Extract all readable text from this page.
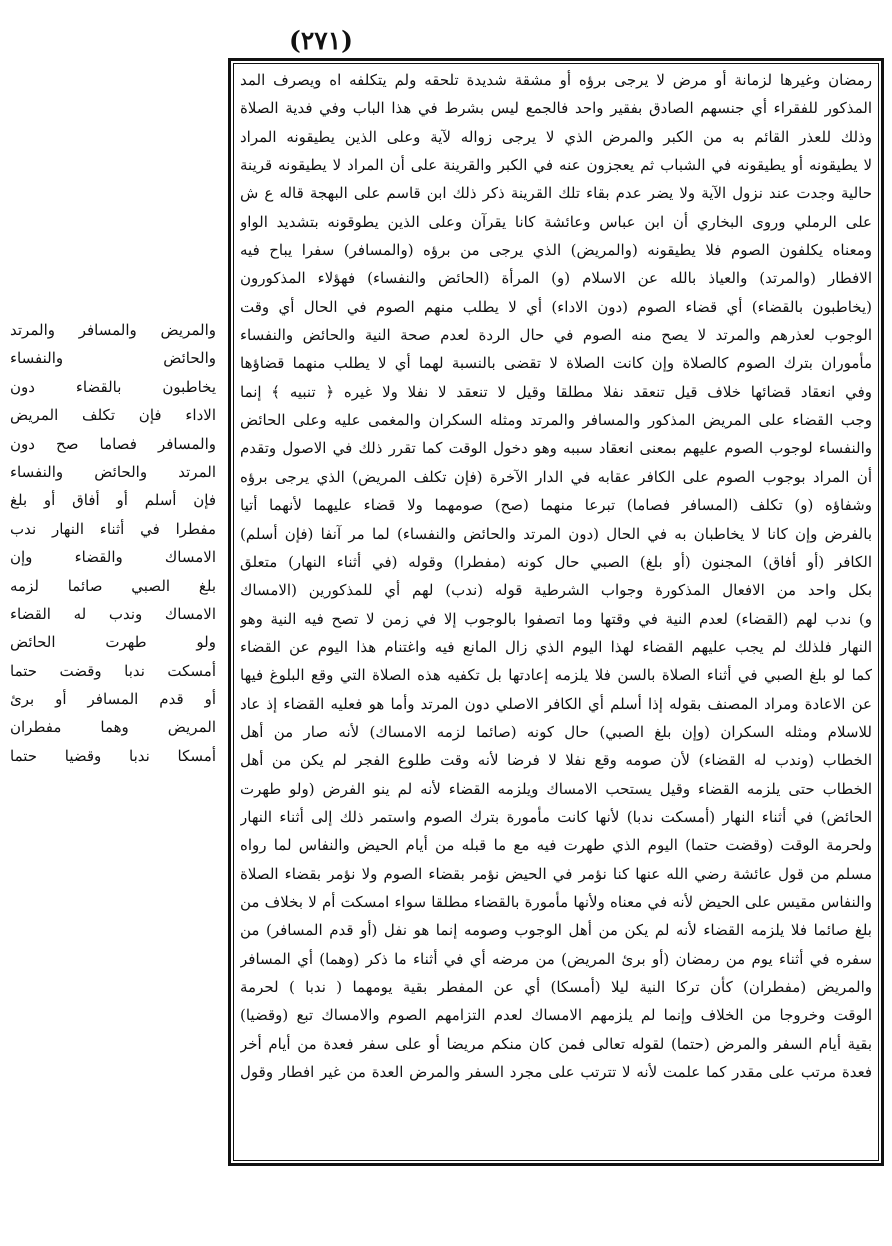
(٢٧١)
رمضان وغيرها لزمانة أو مرض لا يرجى برؤه أو مشقة شديدة تلحقه ولم يتكلفه اه ويصرف المد
المذكور للفقراء أي جنسهم الصادق بفقير واحد فالجمع ليس بشرط في هذا الباب وفي فدية الصلاة
وذلك للعذر القائم به من الكبر والمرض الذي لا يرجى زواله لآية وعلى الذين يطيقونه المراد
لا يطيقونه أو يطيقونه في الشباب ثم يعجزون عنه في الكبر والقرينة على أن المراد لا يطيقونه قرينة
حالية وجدت عند نزول الآية ولا يضر عدم بقاء تلك القرينة ذكر ذلك ابن قاسم على البهجة قاله ع ش
على الرملي وروى البخاري أن ابن عباس وعائشة كانا يقرآن وعلى الذين يطوقونه بتشديد الواو
ومعناه يكلفون الصوم فلا يطيقونه (والمريض) الذي يرجى من برؤه (والمسافر) سفرا يباح فيه
الافطار (والمرتد) والعياذ بالله عن الاسلام (و) المرأة (الحائض والنفساء) فهؤلاء المذكورون
(يخاطبون بالقضاء) أي قضاء الصوم (دون الاداء) أي لا يطلب منهم الصوم في الحال أي وقت
الوجوب لعذرهم والمرتد لا يصح منه الصوم في حال الردة لعدم صحة النية والحائض والنفساء
مأموران بترك الصوم كالصلاة وإن كانت الصلاة لا تقضى بالنسبة لهما أي لا يطلب منهما قضاؤها
وفي انعقاد قضائها خلاف قيل تنعقد نفلا مطلقا وقيل لا تنعقد لا نفلا ولا غيره ﴿ تنبيه ﴾ إنما
وجب القضاء على المريض المذكور والمسافر والمرتد ومثله السكران والمغمى عليه وعلى الحائض
والنفساء لوجوب الصوم عليهم بمعنى انعقاد سببه وهو دخول الوقت كما تقرر ذلك في الاصول وتقدم
أن المراد بوجوب الصوم على الكافر عقابه في الدار الآخرة (فإن تكلف المريض) الذي يرجى برؤه
وشفاؤه (و) تكلف (المسافر فصاما) تبرعا منهما (صح) صومهما ولا قضاء عليهما لأنهما أتيا
بالفرض وإن كانا لا يخاطبان به في الحال (دون المرتد والحائض والنفساء) لما مر آنفا (فإن أسلم)
الكافر (أو أفاق) المجنون (أو بلغ) الصبي حال كونه (مفطرا) وقوله (في أثناء النهار) متعلق
بكل واحد من الافعال المذكورة وجواب الشرطية قوله (ندب) لهم أي للمذكورين (الامساك
و) ندب لهم (القضاء) لعدم النية في وقتها وما اتصفوا بالوجوب إلا في زمن لا تصح فيه النية وهو
النهار فلذلك لم يجب عليهم القضاء لهذا اليوم الذي زال المانع فيه واغتنام هذا اليوم عن القضاء
كما لو بلغ الصبي في أثناء الصلاة بالسن فلا يلزمه إعادتها بل تكفيه هذه الصلاة التي وقع البلوغ فيها
عن الاعادة ومراد المصنف بقوله إذا أسلم أي الكافر الاصلي دون المرتد وأما هو فعليه القضاء إذ عاد
للاسلام ومثله السكران (وإن بلغ الصبي) حال كونه (صائما لزمه الامساك) لأنه صار من أهل
الخطاب (وندب له القضاء) لأن صومه وقع نفلا لا فرضا لأنه وقت طلوع الفجر لم يكن من أهل
الخطاب حتى يلزمه القضاء وقيل يستحب الامساك ويلزمه القضاء لأنه لم ينو الفرض (ولو طهرت
الحائض) في أثناء النهار (أمسكت ندبا) لأنها كانت مأمورة بترك الصوم واستمر ذلك إلى أثناء النهار
ولحرمة الوقت (وقضت حتما) اليوم الذي طهرت فيه مع ما قبله من أيام الحيض والنفاس لما رواه
مسلم من قول عائشة رضي الله عنها كنا نؤمر في الحيض نؤمر بقضاء الصوم ولا نؤمر بقضاء الصلاة
والنفاس مقيس على الحيض لأنه في معناه ولأنها مأمورة بالقضاء مطلقا سواء امسكت أم لا بخلاف من
بلغ صائما فلا يلزمه القضاء لأنه لم يكن من أهل الوجوب وصومه إنما هو نفل (أو قدم المسافر) من
سفره في أثناء يوم من رمضان (أو برئ المريض) من مرضه أي في أثناء ما ذكر (وهما) أي المسافر
والمريض (مفطران) كأن تركا النية ليلا (أمسكا) أي عن المفطر بقية يومهما ( ندبا ) لحرمة
الوقت وخروجا من الخلاف وإنما لم يلزمهم الامساك لعدم التزامهم الصوم والامساك تبع (وقضيا)
بقية أيام السفر والمرض (حتما) لقوله تعالى فمن كان منكم مريضا أو على سفر فعدة من أيام أخر
فعدة مرتب على مقدر كما علمت لأنه لا تترتب على مجرد السفر والمرض العدة من غير افطار وقول
والمريض والمسافر والمرتد
والحائض والنفساء
يخاطبون بالقضاء دون
الاداء فإن تكلف المريض
والمسافر فصاما صح دون
المرتد والحائض والنفساء
فإن أسلم أو أفاق أو بلغ
مفطرا في أثناء النهار ندب
الامساك والقضاء وإن
بلغ الصبي صائما لزمه
الامساك وندب له القضاء
ولو طهرت الحائض
أمسكت ندبا وقضت حتما
أو قدم المسافر أو برئ
المريض وهما مفطران
أمسكا ندبا وقضيا حتما
